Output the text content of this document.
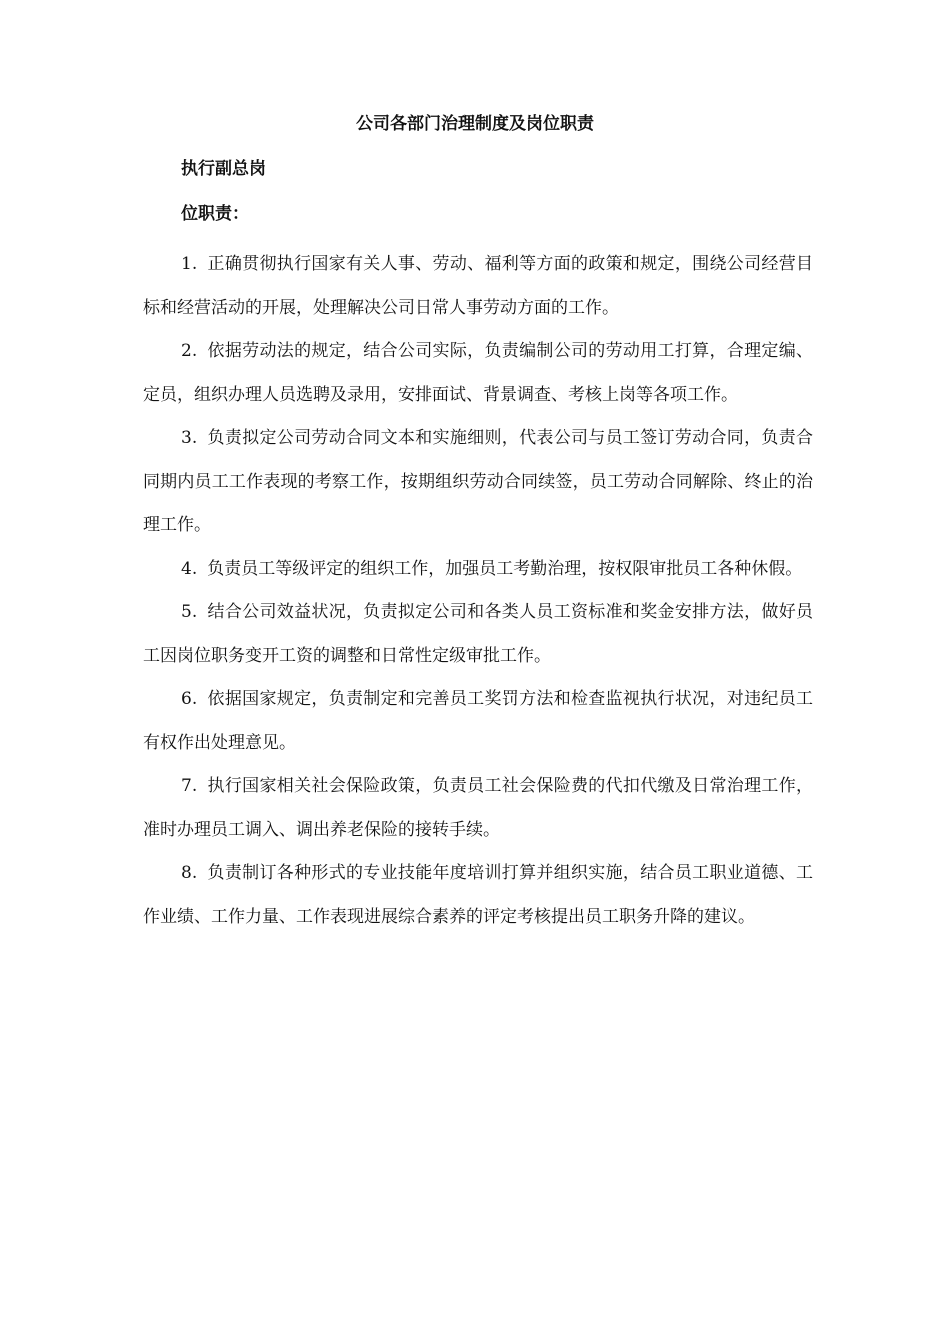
公司各部门治理制度及岗位职责
执行副总岗
位职责：
1. 正确贯彻执行国家有关人事、劳动、福利等方面的政策和规定，围绕公司经营目标和经营活动的开展，处理解决公司日常人事劳动方面的工作。
2. 依据劳动法的规定，结合公司实际，负责编制公司的劳动用工打算，合理定编、定员，组织办理人员选聘及录用，安排面试、背景调查、考核上岗等各项工作。
3. 负责拟定公司劳动合同文本和实施细则，代表公司与员工签订劳动合同，负责合同期内员工工作表现的考察工作，按期组织劳动合同续签，员工劳动合同解除、终止的治理工作。
4. 负责员工等级评定的组织工作，加强员工考勤治理，按权限审批员工各种休假。
5. 结合公司效益状况，负责拟定公司和各类人员工资标准和奖金安排方法，做好员工因岗位职务变开工资的调整和日常性定级审批工作。
6. 依据国家规定，负责制定和完善员工奖罚方法和检查监视执行状况，对违纪员工有权作出处理意见。
7. 执行国家相关社会保险政策，负责员工社会保险费的代扣代缴及日常治理工作，准时办理员工调入、调出养老保险的接转手续。
8. 负责制订各种形式的专业技能年度培训打算并组织实施，结合员工职业道德、工作业绩、工作力量、工作表现进展综合素养的评定考核提出员工职务升降的建议。
